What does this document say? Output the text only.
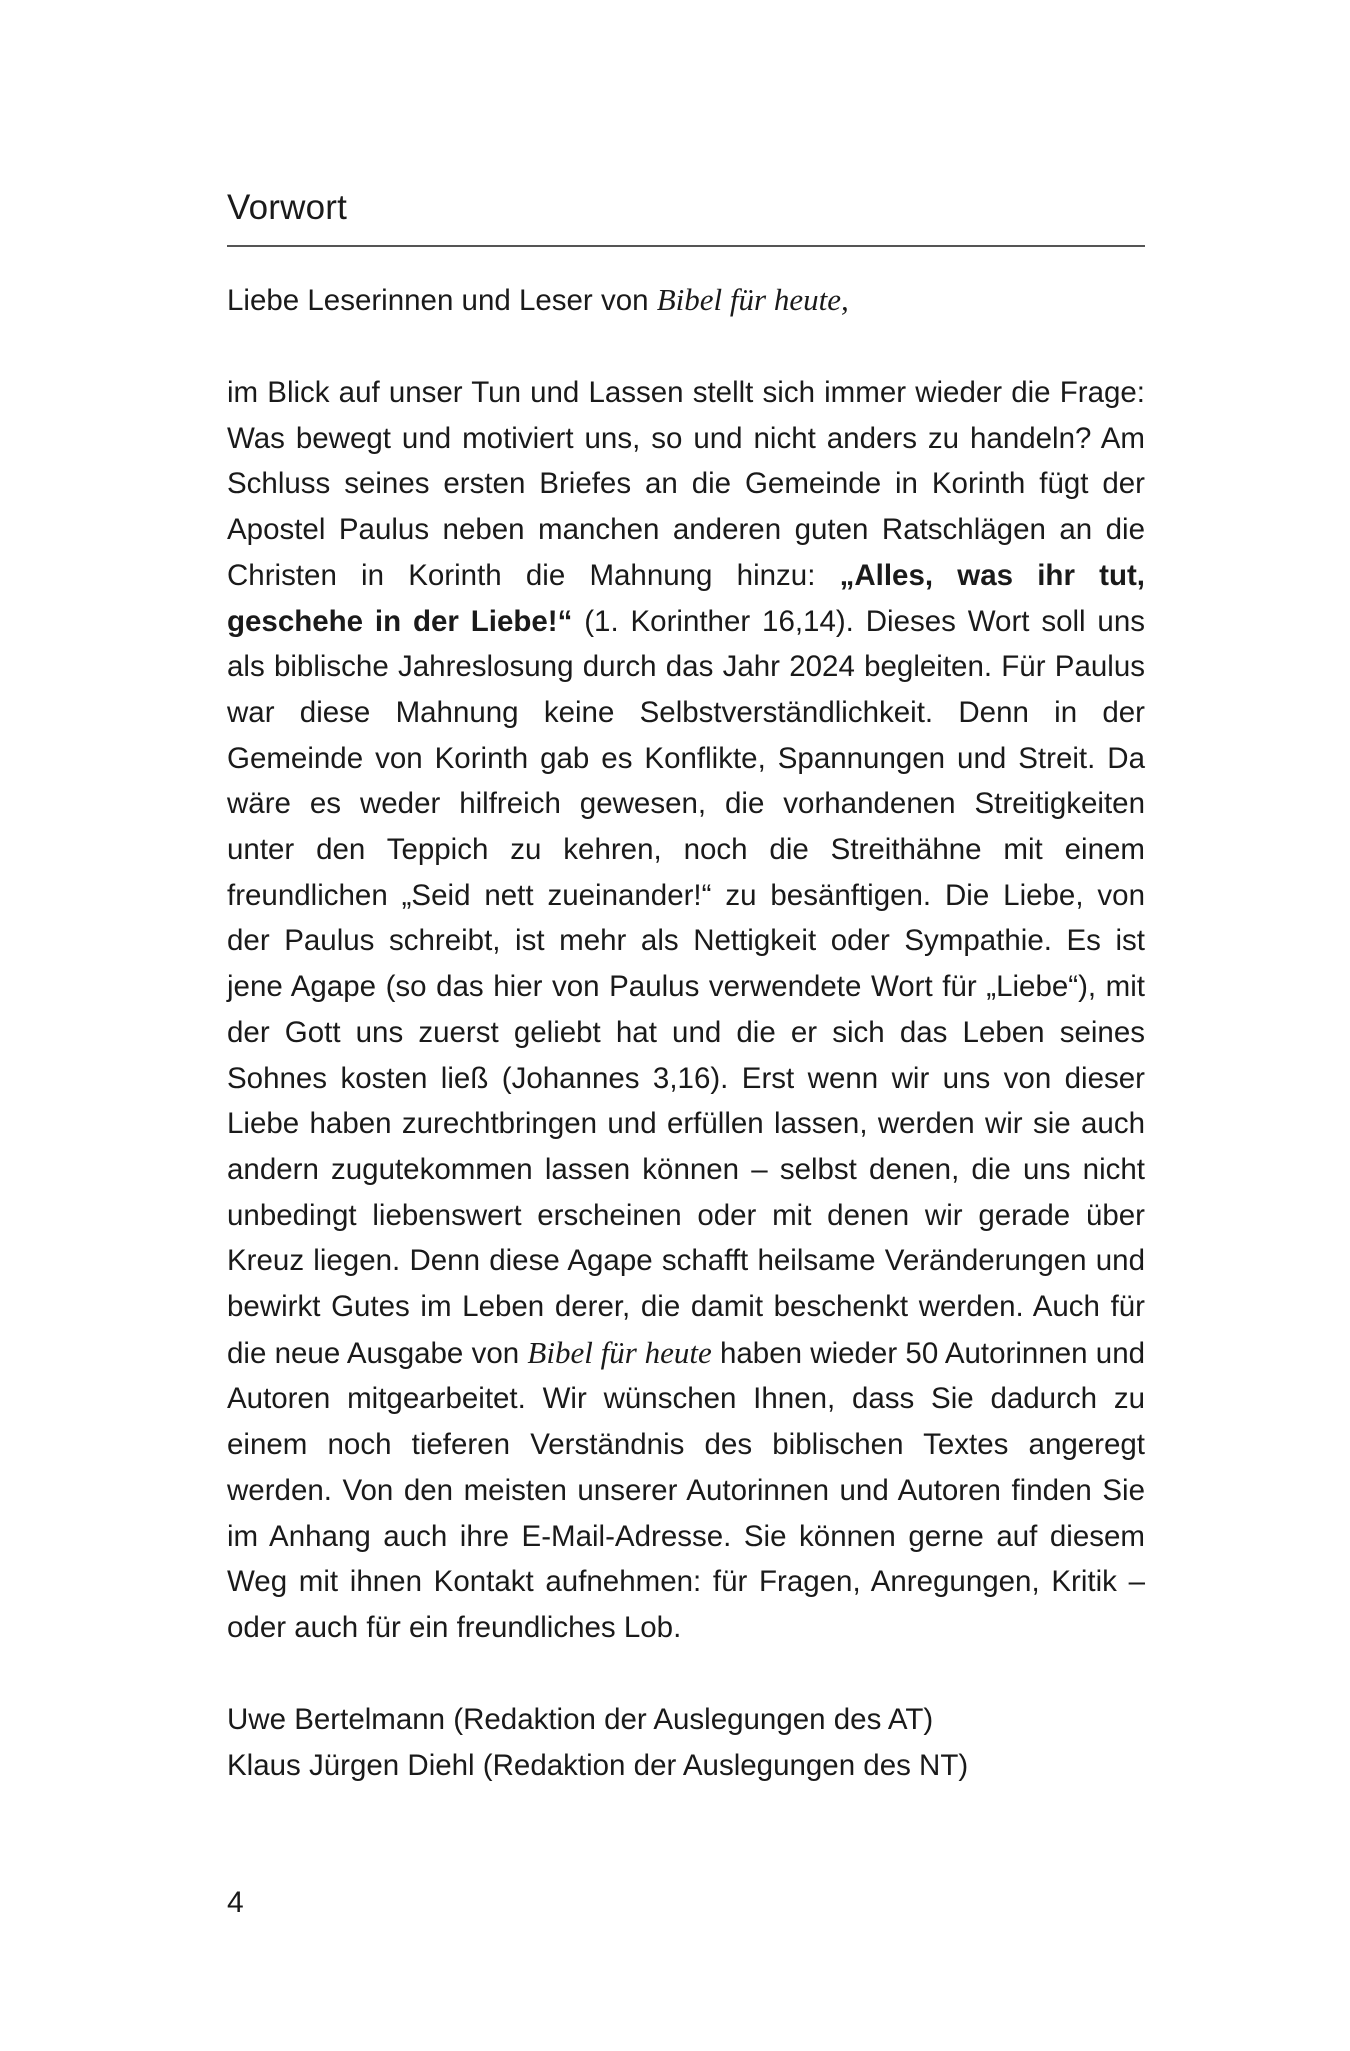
Vorwort

Liebe Leserinnen und Leser von Bibel für heute,

im Blick auf unser Tun und Lassen stellt sich immer wieder die Frage: Was bewegt und motiviert uns, so und nicht anders zu handeln? Am Schluss seines ersten Briefes an die Gemeinde in Korinth fügt der Apostel Paulus neben manchen anderen guten Ratschlägen an die Christen in Korinth die Mahnung hinzu: „Alles, was ihr tut, geschehe in der Liebe!“ (1. Korinther 16,14). Dieses Wort soll uns als biblische Jahreslosung durch das Jahr 2024 begleiten. Für Paulus war diese Mahnung keine Selbstverständlichkeit. Denn in der Gemeinde von Korinth gab es Konflikte, Spannungen und Streit. Da wäre es weder hilfreich gewesen, die vorhandenen Streitigkeiten unter den Teppich zu kehren, noch die Streithähne mit einem freundlichen „Seid nett zueinander!“ zu besänftigen. Die Liebe, von der Paulus schreibt, ist mehr als Nettigkeit oder Sympathie. Es ist jene Agape (so das hier von Paulus verwendete Wort für „Liebe“), mit der Gott uns zuerst geliebt hat und die er sich das Leben seines Sohnes kosten ließ (Johannes 3,16). Erst wenn wir uns von dieser Liebe haben zurechtbringen und erfüllen lassen, werden wir sie auch andern zugutekommen lassen können – selbst denen, die uns nicht unbedingt liebenswert erscheinen oder mit denen wir gerade über Kreuz liegen. Denn diese Agape schafft heilsame Veränderungen und bewirkt Gutes im Leben derer, die damit beschenkt werden. Auch für die neue Ausgabe von Bibel für heute haben wieder 50 Autorinnen und Autoren mitgearbeitet. Wir wünschen Ihnen, dass Sie dadurch zu einem noch tieferen Verständnis des biblischen Textes angeregt werden. Von den meisten unserer Autorinnen und Autoren finden Sie im Anhang auch ihre E-Mail-Adresse. Sie können gerne auf diesem Weg mit ihnen Kontakt aufnehmen: für Fragen, Anregungen, Kritik – oder auch für ein freundliches Lob.

Uwe Bertelmann (Redaktion der Auslegungen des AT)
Klaus Jürgen Diehl (Redaktion der Auslegungen des NT)
4
